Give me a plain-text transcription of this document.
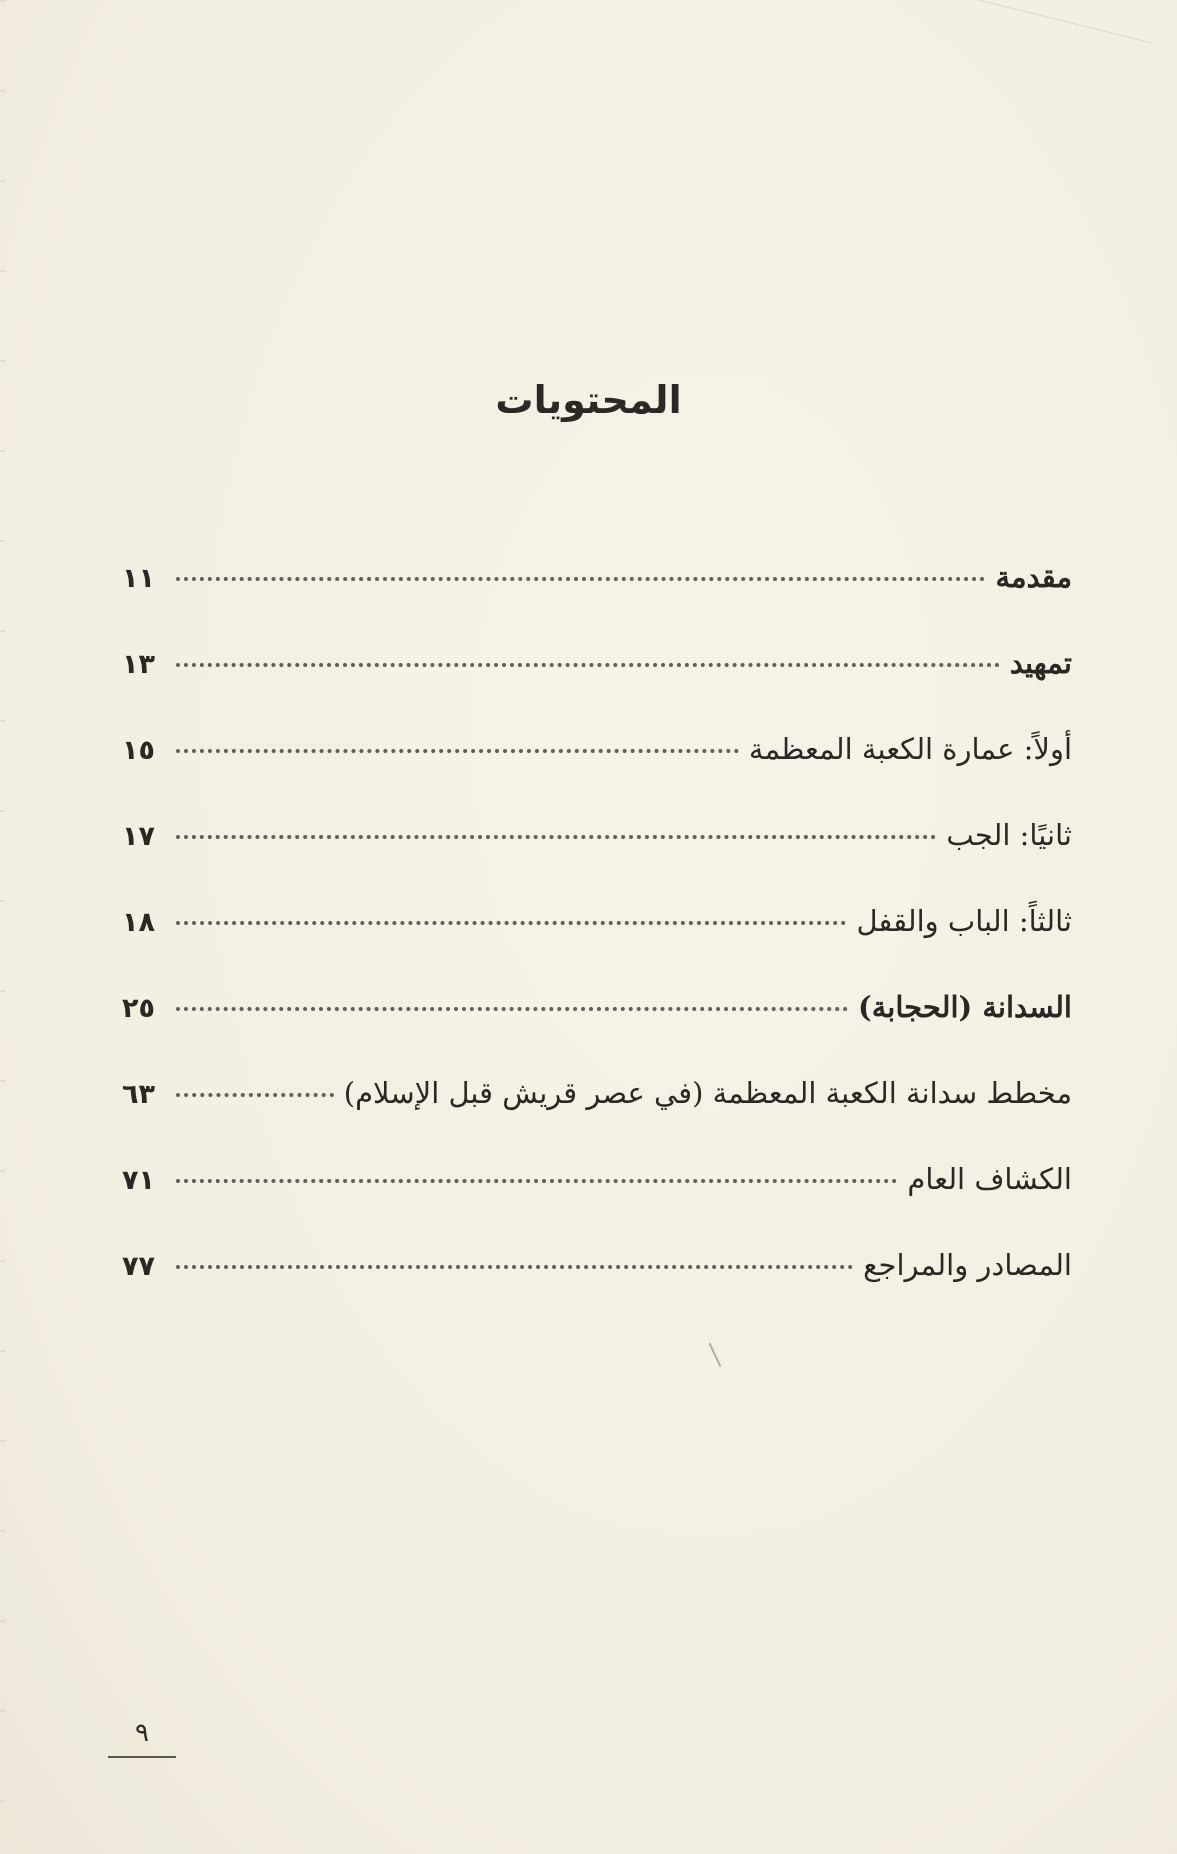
المحتويات
مقدمة
١١
تمهيد
١٣
أولاً: عمارة الكعبة المعظمة
١٥
ثانيًا: الجب
١٧
ثالثاً: الباب والقفل
١٨
السدانة (الحجابة)
٢٥
مخطط سدانة الكعبة المعظمة (في عصر قريش قبل الإسلام)
٦٣
الكشاف العام
٧١
المصادر والمراجع
٧٧
٩
